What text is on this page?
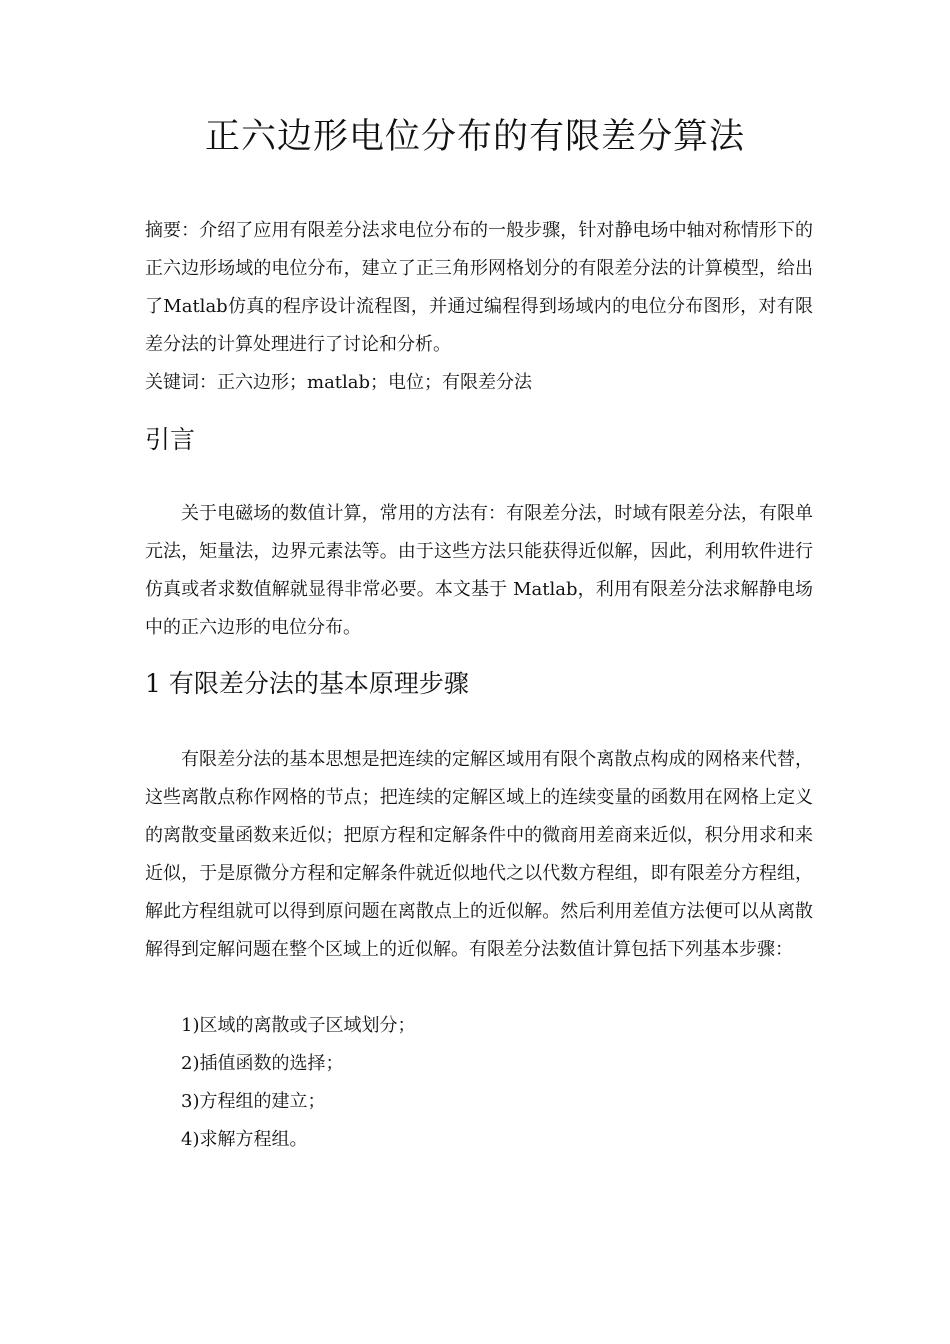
正六边形电位分布的有限差分算法

摘要：介绍了应用有限差分法求电位分布的一般步骤，针对静电场中轴对称情形下的正六边形场域的电位分布，建立了正三角形网格划分的有限差分法的计算模型，给出了Matlab仿真的程序设计流程图，并通过编程得到场域内的电位分布图形，对有限差分法的计算处理进行了讨论和分析。

关键词：正六边形；matlab；电位；有限差分法

引言

关于电磁场的数值计算，常用的方法有：有限差分法，时域有限差分法，有限单元法，矩量法，边界元素法等。由于这些方法只能获得近似解，因此，利用软件进行仿真或者求数值解就显得非常必要。本文基于 Matlab，利用有限差分法求解静电场中的正六边形的电位分布。

1 有限差分法的基本原理步骤

有限差分法的基本思想是把连续的定解区域用有限个离散点构成的网格来代替，这些离散点称作网格的节点；把连续的定解区域上的连续变量的函数用在网格上定义的离散变量函数来近似；把原方程和定解条件中的微商用差商来近似，积分用求和来近似，于是原微分方程和定解条件就近似地代之以代数方程组，即有限差分方程组，解此方程组就可以得到原问题在离散点上的近似解。然后利用差值方法便可以从离散解得到定解问题在整个区域上的近似解。有限差分法数值计算包括下列基本步骤：

1)区域的离散或子区域划分；
2)插值函数的选择；
3)方程组的建立；
4)求解方程组。
